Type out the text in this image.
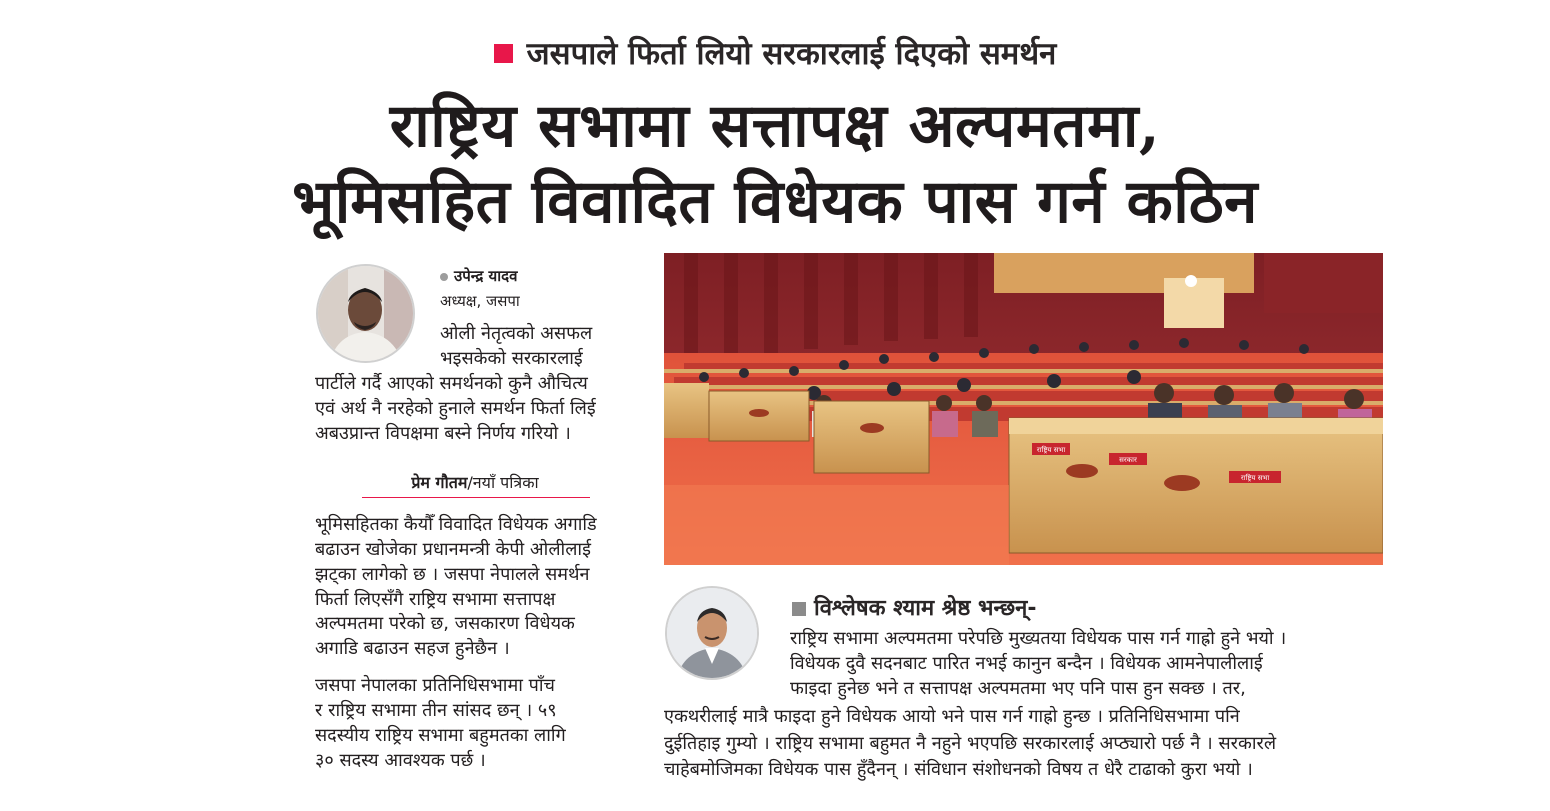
जसपाले फिर्ता लियो सरकारलाई दिएको समर्थन
राष्ट्रिय सभामा सत्तापक्ष अल्पमतमा,
भूमिसहित विवादित विधेयक पास गर्न कठिन
उपेन्द्र यादव
अध्यक्ष, जसपा
ओली नेतृत्वको असफल
भइसकेको सरकारलाई
पार्टीले गर्दै आएको समर्थनको कुनै औचित्य
एवं अर्थ नै नरहेको हुनाले समर्थन फिर्ता लिई
अबउप्रान्त विपक्षमा बस्ने निर्णय गरियो ।
प्रेम गौतम/नयाँ पत्रिका
भूमिसहितका कैयौँ विवादित विधेयक अगाडि
बढाउन खोजेका प्रधानमन्त्री केपी ओलीलाई
झट्का लागेको छ । जसपा नेपालले समर्थन
फिर्ता लिएसँगै राष्ट्रिय सभामा सत्तापक्ष
अल्पमतमा परेको छ, जसकारण विधेयक
अगाडि बढाउन सहज हुनेछैन ।
जसपा नेपालका प्रतिनिधिसभामा पाँच
र राष्ट्रिय सभामा तीन सांसद छन् । ५९
सदस्यीय राष्ट्रिय सभामा बहुमतका लागि
३० सदस्य आवश्यक पर्छ ।
राष्ट्रिय सभा
सरकार
राष्ट्रिय सभा
विश्लेषक श्याम श्रेष्ठ भन्छन्-
राष्ट्रिय सभामा अल्पमतमा परेपछि मुख्यतया विधेयक पास गर्न गाह्रो हुने भयो ।
विधेयक दुवै सदनबाट पारित नभई कानुन बन्दैन । विधेयक आमनेपालीलाई
फाइदा हुनेछ भने त सत्तापक्ष अल्पमतमा भए पनि पास हुन सक्छ । तर,
एकथरीलाई मात्रै फाइदा हुने विधेयक आयो भने पास गर्न गाह्रो हुन्छ । प्रतिनिधिसभामा पनि
दुईतिहाइ गुम्यो । राष्ट्रिय सभामा बहुमत नै नहुने भएपछि सरकारलाई अप्ठ्यारो पर्छ नै । सरकारले
चाहेबमोजिमका विधेयक पास हुँदैनन् । संविधान संशोधनको विषय त धेरै टाढाको कुरा भयो ।
